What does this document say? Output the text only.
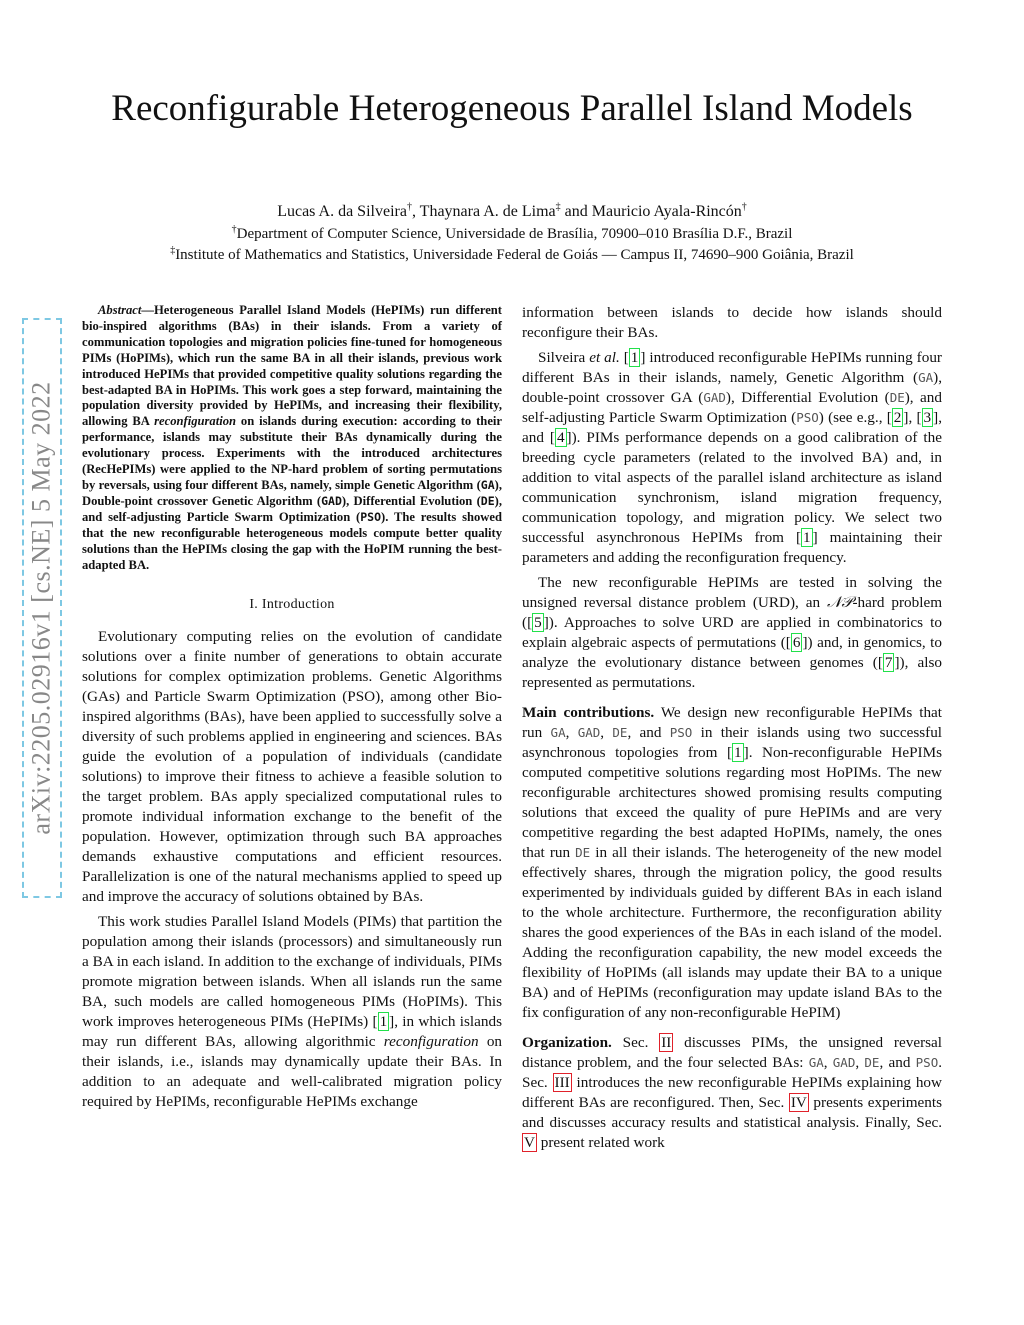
Reconfigurable Heterogeneous Parallel Island Models
Lucas A. da Silveira†, Thaynara A. de Lima‡ and Mauricio Ayala-Rincón†
†Department of Computer Science, Universidade de Brasília, 70900–010 Brasília D.F., Brazil
‡Institute of Mathematics and Statistics, Universidade Federal de Goiás — Campus II, 74690–900 Goiânia, Brazil
arXiv:2205.02916v1 [cs.NE] 5 May 2022

Abstract—Heterogeneous Parallel Island Models (HePIMs) run different bio-inspired algorithms (BAs) in their islands. From a variety of communication topologies and migration policies fine-tuned for homogeneous PIMs (HoPIMs), which run the same BA in all their islands, previous work introduced HePIMs that provided competitive quality solutions regarding the best-adapted BA in HoPIMs. This work goes a step forward, maintaining the population diversity provided by HePIMs, and increasing their flexibility, allowing BA reconfiguration on islands during execution: according to their performance, islands may substitute their BAs dynamically during the evolutionary process. Experiments with the introduced architectures (RecHePIMs) were applied to the NP-hard problem of sorting permutations by reversals, using four different BAs, namely, simple Genetic Algorithm (GA), Double-point crossover Genetic Algorithm (GAD), Differential Evolution (DE), and self-adjusting Particle Swarm Optimization (PSO). The results showed that the new reconfigurable heterogeneous models compute better quality solutions than the HePIMs closing the gap with the HoPIM running the best-adapted BA.

I. Introduction

Evolutionary computing relies on the evolution of candidate solutions over a finite number of generations to obtain accurate solutions for complex optimization problems. Genetic Algorithms (GAs) and Particle Swarm Optimization (PSO), among other Bio-inspired algorithms (BAs), have been applied to successfully solve a diversity of such problems applied in engineering and sciences. BAs guide the evolution of a population of individuals (candidate solutions) to improve their fitness to achieve a feasible solution to the target problem. BAs apply specialized computational rules to promote individual information exchange to the benefit of the population. However, optimization through such BA approaches demands exhaustive computations and efficient resources. Parallelization is one of the natural mechanisms applied to speed up and improve the accuracy of solutions obtained by BAs.

This work studies Parallel Island Models (PIMs) that partition the population among their islands (processors) and simultaneously run a BA in each island. In addition to the exchange of individuals, PIMs promote migration between islands. When all islands run the same BA, such models are called homogeneous PIMs (HoPIMs). This work improves heterogeneous PIMs (HePIMs) [ 1 ], in which islands may run different BAs, allowing algorithmic reconfiguration on their islands, i.e., islands may dynamically update their BAs. In addition to an adequate and well-calibrated migration policy required by HePIMs, reconfigurable HePIMs exchange

information between islands to decide how islands should reconfigure their BAs.

Silveira et al. [ 1 ] introduced reconfigurable HePIMs running four different BAs in their islands, namely, Genetic Algorithm (GA), double-point crossover GA (GAD), Differential Evolution (DE), and self-adjusting Particle Swarm Optimization (PSO) (see e.g., [ 2 ], [ 3 ], and [ 4 ]). PIMs performance depends on a good calibration of the breeding cycle parameters (related to the involved BA) and, in addition to vital aspects of the parallel island architecture as island communication synchronism, island migration frequency, communication topology, and migration policy. We select two successful asynchronous HePIMs from [ 1 ] maintaining their parameters and adding the reconfiguration frequency.

The new reconfigurable HePIMs are tested in solving the unsigned reversal distance problem (URD), an 𝒩𝒫-hard problem ([ 5 ]). Approaches to solve URD are applied in combinatorics to explain algebraic aspects of permutations ([ 6 ]) and, in genomics, to analyze the evolutionary distance between genomes ([ 7 ]), also represented as permutations.

Main contributions. We design new reconfigurable HePIMs that run GA, GAD, DE, and PSO in their islands using two successful asynchronous topologies from [ 1 ]. Non-reconfigurable HePIMs computed competitive solutions regarding most HoPIMs. The new reconfigurable architectures showed promising results computing solutions that exceed the quality of pure HePIMs and are very competitive regarding the best adapted HoPIMs, namely, the ones that run DE in all their islands. The heterogeneity of the new model effectively shares, through the migration policy, the good results experimented by individuals guided by different BAs in each island to the whole architecture. Furthermore, the reconfiguration ability shares the good experiences of the BAs in each island of the model. Adding the reconfiguration capability, the new model exceeds the flexibility of HoPIMs (all islands may update their BA to a unique BA) and of HePIMs (reconfiguration may update island BAs to the fix configuration of any non-reconfigurable HePIM)

Organization. Sec. II discusses PIMs, the unsigned reversal distance problem, and the four selected BAs: GA, GAD, DE, and PSO. Sec. III introduces the new reconfigurable HePIMs explaining how different BAs are reconfigured. Then, Sec. IV presents experiments and discusses accuracy results and statistical analysis. Finally, Sec. V present related work
